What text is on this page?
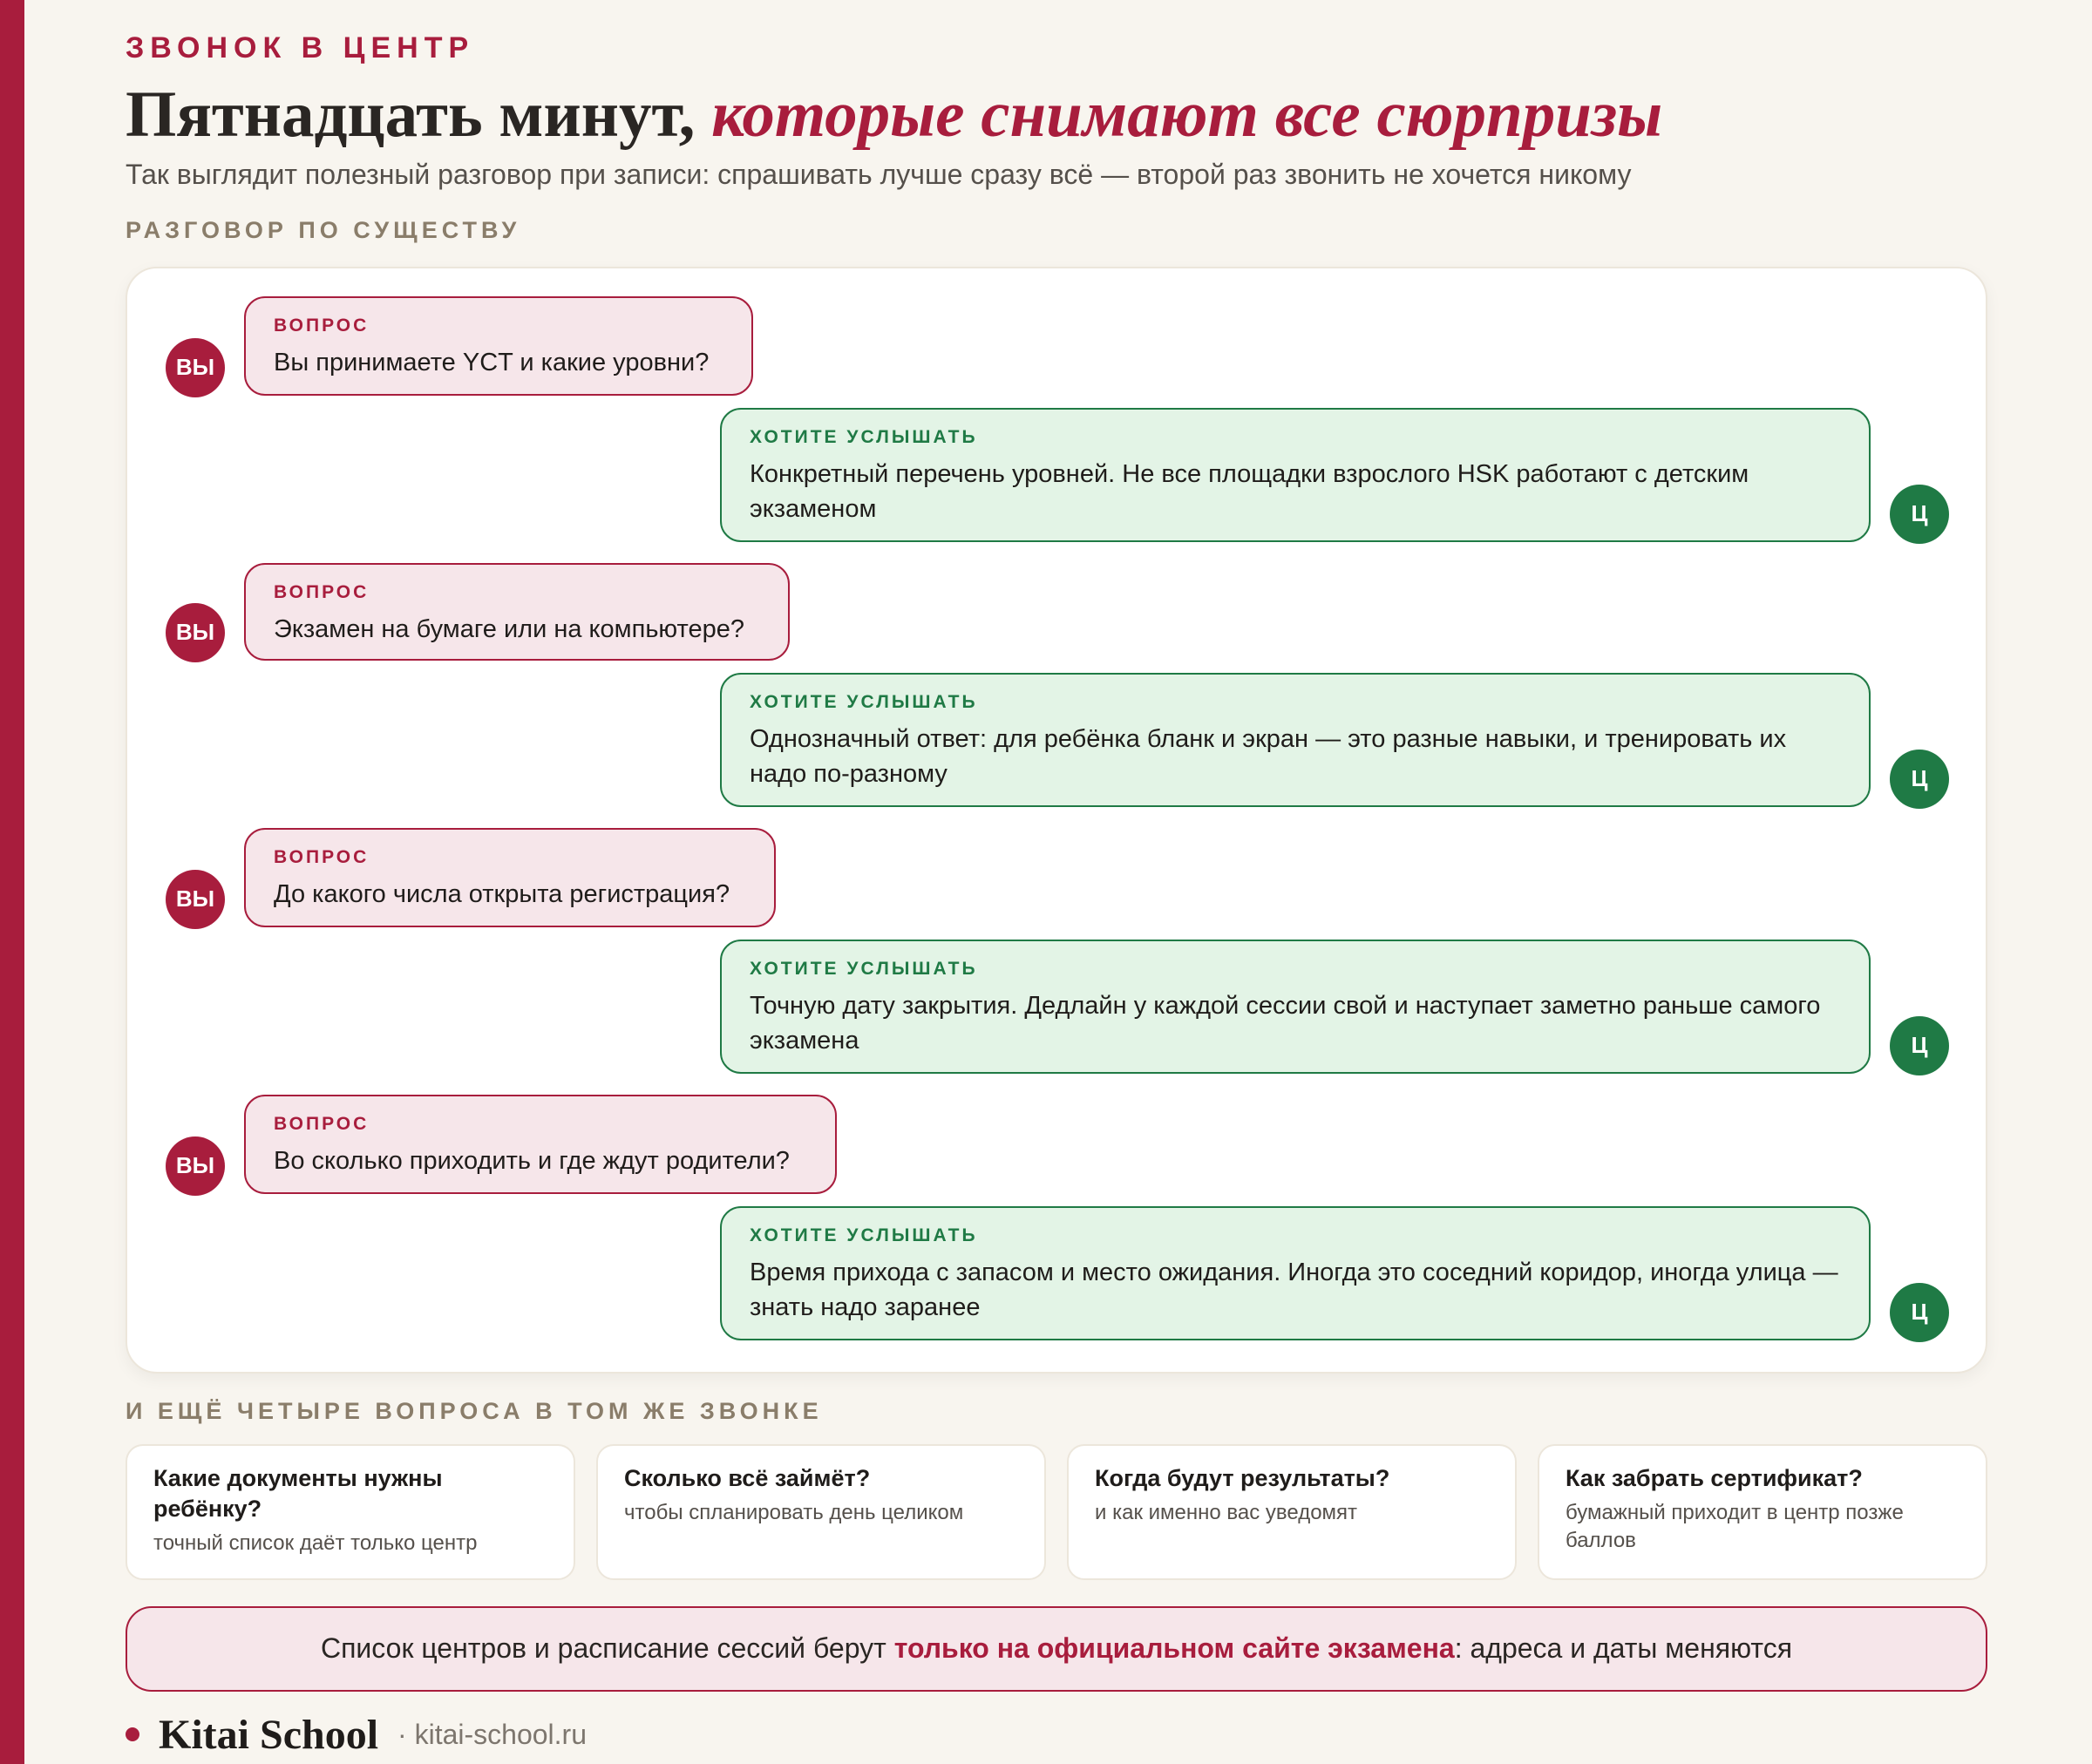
ЗВОНОК В ЦЕНТР
Пятнадцать минут, которые снимают все сюрпризы
Так выглядит полезный разговор при записи: спрашивать лучше сразу всё — второй раз звонить не хочется никому
РАЗГОВОР ПО СУЩЕСТВУ
ВОПРОС
Вы принимаете YCT и какие уровни?
ВЫ
ХОТИТЕ УСЛЫШАТЬ
Конкретный перечень уровней. Не все площадки взрослого HSK работают с детским экзаменом	Ц
ВОПРОС
Экзамен на бумаге или на компьютере?
ВЫ
ХОТИТЕ УСЛЫШАТЬ
Однозначный ответ: для ребёнка бланк и экран — это разные навыки, и тренировать их надо по-разному	Ц
ВОПРОС
До какого числа открыта регистрация?
ВЫ
ХОТИТЕ УСЛЫШАТЬ
Точную дату закрытия. Дедлайн у каждой сессии свой и наступает заметно раньше самого экзамена	Ц
ВОПРОС
Во сколько приходить и где ждут родители?
ВЫ
ХОТИТЕ УСЛЫШАТЬ
Время прихода с запасом и место ожидания. Иногда это соседний коридор, иногда улица — знать надо заранее	Ц
И ЕЩЁ ЧЕТЫРЕ ВОПРОСА В ТОМ ЖЕ ЗВОНКЕ
Какие документы нужны ребёнку?
точный список даёт только центр
Сколько всё займёт?
чтобы спланировать день целиком
Когда будут результаты?
и как именно вас уведомят
Как забрать сертификат?
бумажный приходит в центр позже баллов
Список центров и расписание сессий берут только на официальном сайте экзамена : адреса и даты меняются
Kitai School · kitai-school.ru
